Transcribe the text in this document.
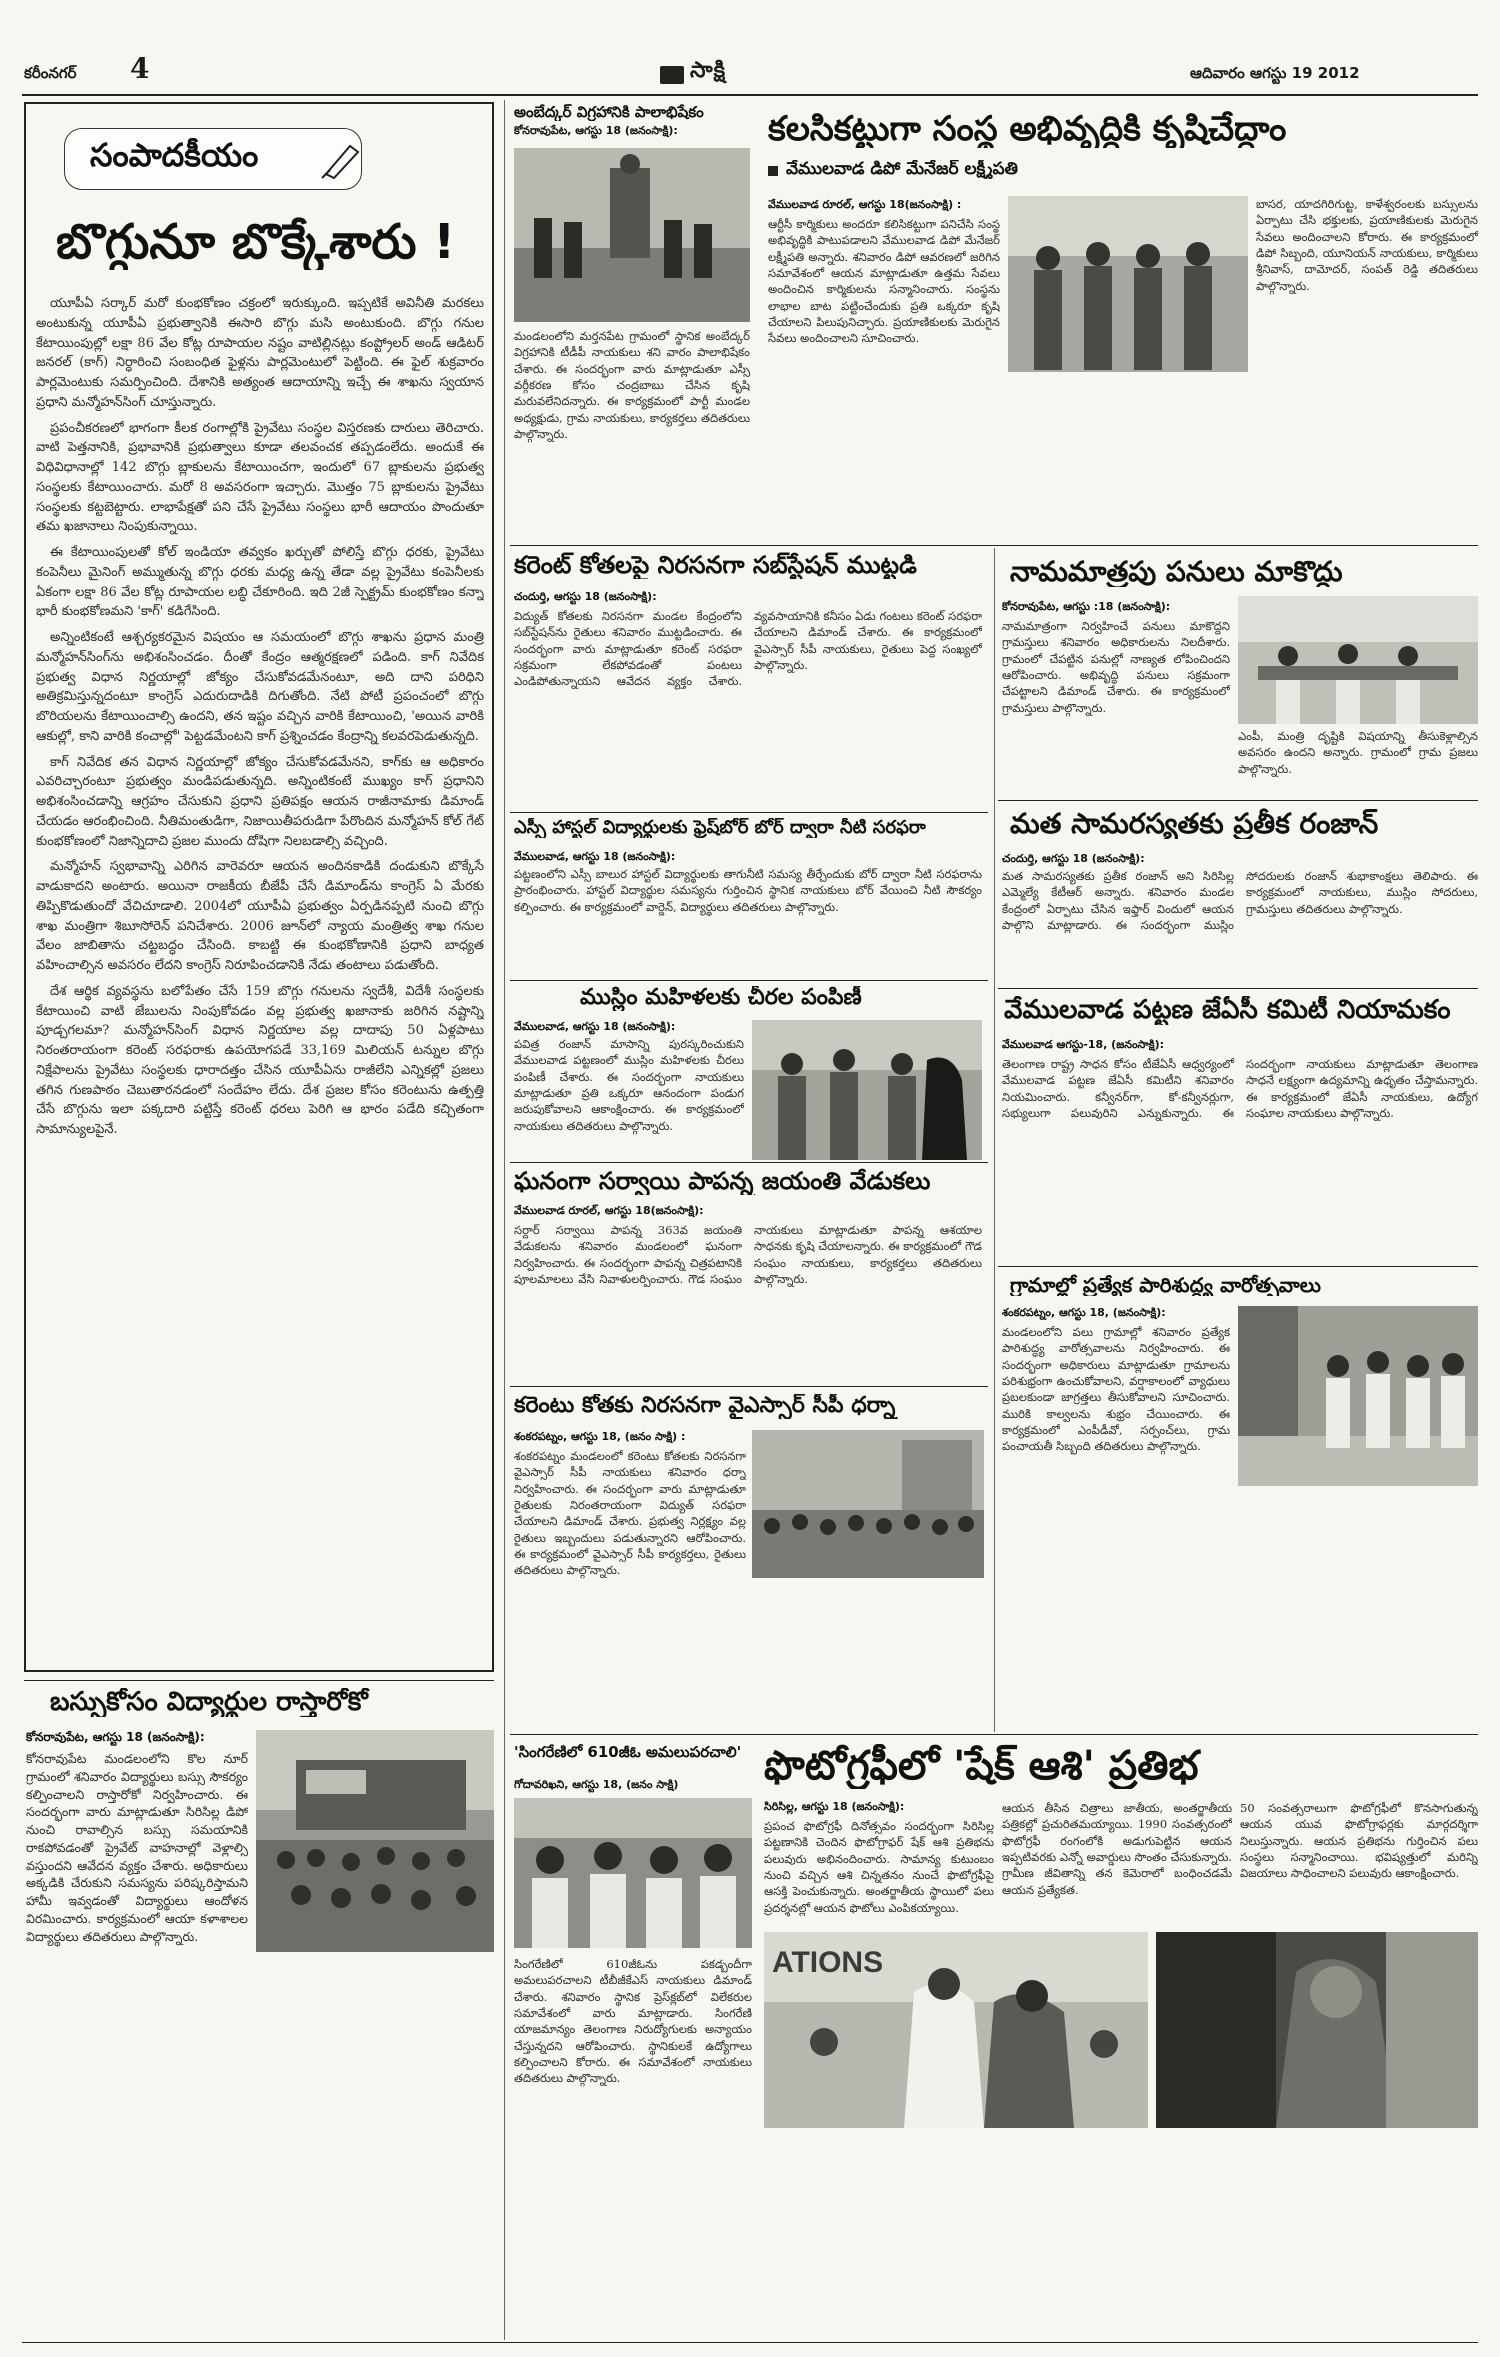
కరీంనగర్ 4	సాక్షి	ఆదివారం ఆగస్టు 19 2012
సంపాదకీయం
బొగ్గునూ బొక్కేశారు !

యూపీఏ సర్కార్ మరో కుంభకోణం చక్రంలో ఇరుక్కుంది. ఇప్పటికే అవినీతి మరకలు అంటుకున్న యూపీఏ ప్రభుత్వానికి ఈసారి బొగ్గు మసి అంటుకుంది. బొగ్గు గనుల కేటాయింపుల్లో లక్షా 86 వేల కోట్ల రూపాయల నష్టం వాటిల్లినట్లు కంప్ట్రోలర్ అండ్ ఆడిటర్ జనరల్ (కాగ్) నిర్ధారించి సంబంధిత ఫైళ్లను పార్లమెంటులో పెట్టింది. ఈ ఫైల్ శుక్రవారం పార్లమెంటుకు సమర్పించింది. దేశానికి అత్యంత ఆదాయాన్ని ఇచ్చే ఈ శాఖను స్వయాన ప్రధాని మన్మోహన్‌సింగ్ చూస్తున్నారు.

ప్రపంచీకరణలో భాగంగా కీలక రంగాల్లోకి ప్రైవేటు సంస్థల విస్తరణకు దారులు తెరిచారు. వాటి పెత్తనానికి, ప్రభావానికి ప్రభుత్వాలు కూడా తలవంచక తప్పడంలేదు. అందుకే ఈ విధివిధానాల్లో 142 బొగ్గు బ్లాకులను కేటాయించగా, ఇందులో 67 బ్లాకులను ప్రభుత్వ సంస్థలకు కేటాయించారు. మరో 8 అవసరంగా ఇచ్చారు. మొత్తం 75 బ్లాకులను ప్రైవేటు సంస్థలకు కట్టబెట్టారు. లాభాపేక్షతో పని చేసే ప్రైవేటు సంస్థలు భారీ ఆదాయం పొందుతూ తమ ఖజానాలు నింపుకున్నాయి.

ఈ కేటాయింపులతో కోల్ ఇండియా తవ్వకం ఖర్చుతో పోలిస్తే బొగ్గు ధరకు, ప్రైవేటు కంపెనీలు మైనింగ్ అమ్ముతున్న బొగ్గు ధరకు మధ్య ఉన్న తేడా వల్ల ప్రైవేటు కంపెనీలకు ఏకంగా లక్షా 86 వేల కోట్ల రూపాయల లబ్ధి చేకూరింది. ఇది 2జీ స్పెక్ట్రమ్ కుంభకోణం కన్నా భారీ కుంభకోణమని 'కాగ్' కడిగేసింది.

అన్నింటికంటే ఆశ్చర్యకరమైన విషయం ఆ సమయంలో బొగ్గు శాఖను ప్రధాన మంత్రి మన్మోహన్‌సింగ్‌ను అభిశంసించడం. దీంతో కేంద్రం ఆత్మరక్షణలో పడింది. కాగ్ నివేదిక ప్రభుత్వ విధాన నిర్ణయాల్లో జోక్యం చేసుకోవడమేనంటూ, అది దాని పరిధిని అతిక్రమిస్తున్నదంటూ కాంగ్రెస్ ఎదురుదాడికి దిగుతోంది. నేటి పోటీ ప్రపంచంలో బొగ్గు బొరియలను కేటాయించాల్సి ఉందని, తన ఇష్టం వచ్చిన వారికి కేటాయించి, 'అయిన వారికి ఆకుల్లో, కాని వారికి కంచాల్లో' పెట్టడమేంటని కాగ్ ప్రశ్నించడం కేంద్రాన్ని కలవరపెడుతున్నది.

కాగ్ నివేదిక తన విధాన నిర్ణయాల్లో జోక్యం చేసుకోవడమేనని, కాగ్‌కు ఆ అధికారం ఎవరిచ్చారంటూ ప్రభుత్వం మండిపడుతున్నది. అన్నింటికంటే ముఖ్యం కాగ్ ప్రధానిని అభిశంసించడాన్ని ఆగ్రహం చేసుకుని ప్రధాని ప్రతిపక్షం ఆయన రాజీనామాకు డిమాండ్ చేయడం ఆరంభించింది. నీతిమంతుడిగా, నిజాయితీపరుడిగా పేరొందిన మన్మోహన్ కోల్ గేట్ కుంభకోణంలో నిజాన్నిదాచి ప్రజల ముందు దోషిగా నిలబడాల్సి వచ్చింది.

మన్మోహన్ స్వభావాన్ని ఎరిగిన వారెవరూ ఆయన అందినకాడికి దండుకుని బొక్కేసే వాడుకాదని అంటారు. అయినా రాజకీయ బీజేపీ చేసే డిమాండ్‌ను కాంగ్రెస్ ఏ మేరకు తిప్పికొడుతుందో వేచిచూడాలి. 2004లో యూపీఏ ప్రభుత్వం ఏర్పడినప్పటి నుంచి బొగ్గు శాఖ మంత్రిగా శిబూసోరెన్ పనిచేశారు. 2006 జూన్‌లో న్యాయ మంత్రిత్వ శాఖ గనుల వేలం జాబితాను చట్టబద్ధం చేసింది. కాబట్టి ఈ కుంభకోణానికి ప్రధాని బాధ్యత వహించాల్సిన అవసరం లేదని కాంగ్రెస్ నిరూపించడానికి నేడు తంటాలు పడుతోంది.

దేశ ఆర్థిక వ్యవస్థను బలోపేతం చేసే 159 బొగ్గు గనులను స్వదేశీ, విదేశీ సంస్థలకు కేటాయించి వాటి జేబులను నింపుకోవడం వల్ల ప్రభుత్వ ఖజానాకు జరిగిన నష్టాన్ని పూడ్చగలమా? మన్మోహన్‌సింగ్ విధాన నిర్ణయాల వల్ల దాదాపు 50 ఏళ్లపాటు నిరంతరాయంగా కరెంట్ సరఫరాకు ఉపయోగపడే 33,169 మిలియన్ టన్నుల బొగ్గు నిక్షేపాలను ప్రైవేటు సంస్థలకు ధారాదత్తం చేసిన యూపీఏను రాజీలేని ఎన్నికల్లో ప్రజలు తగిన గుణపాఠం చెబుతారనడంలో సందేహం లేదు. దేశ ప్రజల కోసం కరెంటును ఉత్పత్తి చేసే బొగ్గును ఇలా పక్కదారి పట్టిస్తే కరెంట్ ధరలు పెరిగి ఆ భారం పడేది కచ్చితంగా సామాన్యులపైనే.

బస్సుకోసం విద్యార్థుల రాస్తారోకో
కోనరావుపేట, ఆగస్టు 18 (జనంసాక్షి):
కోనరావుపేట మండలంలోని కొల నూర్ గ్రామంలో శనివారం విద్యార్థులు బస్సు సౌకర్యం కల్పించాలని రాస్తారోకో నిర్వహించారు. ఈ సందర్భంగా వారు మాట్లాడుతూ సిరిసిల్ల డిపో నుంచి రావాల్సిన బస్సు సమయానికి రాకపోవడంతో ప్రైవేట్ వాహనాల్లో వెళ్లాల్సి వస్తుందని ఆవేదన వ్యక్తం చేశారు. అధికారులు అక్కడికి చేరుకుని సమస్యను పరిష్కరిస్తామని హామీ ఇవ్వడంతో విద్యార్థులు ఆందోళన విరమించారు. కార్యక్రమంలో ఆయా కళాశాలల విద్యార్థులు తదితరులు పాల్గొన్నారు.
అంబేద్కర్ విగ్రహానికి పాలాభిషేకం
కోనరావుపేట, ఆగస్టు 18 (జనంసాక్షి):
మండలంలోని మర్తనపేట గ్రామంలో స్థానిక అంబేద్కర్ విగ్రహానికి టీడీపీ నాయకులు శని వారం పాలాభిషేకం చేశారు. ఈ సందర్భంగా వారు మాట్లాడుతూ ఎస్సీ వర్గీకరణ కోసం చంద్రబాబు చేసిన కృషి మరువలేనిదన్నారు. ఈ కార్యక్రమంలో పార్టీ మండల అధ్యక్షుడు, గ్రామ నాయకులు, కార్యకర్తలు తదితరులు పాల్గొన్నారు.
కలసికట్టుగా సంస్థ అభివృద్ధికి కృషిచేద్దాం
వేములవాడ డిపో మేనేజర్ లక్ష్మీపతి
వేములవాడ రూరల్, ఆగస్టు 18(జనంసాక్షి) :
ఆర్టీసీ కార్మికులు అందరూ కలిసికట్టుగా పనిచేసి సంస్థ అభివృద్ధికి పాటుపడాలని వేములవాడ డిపో మేనేజర్ లక్ష్మీపతి అన్నారు. శనివారం డిపో ఆవరణలో జరిగిన సమావేశంలో ఆయన మాట్లాడుతూ ఉత్తమ సేవలు అందించిన కార్మికులను సన్మానించారు. సంస్థను లాభాల బాట పట్టించేందుకు ప్రతి ఒక్కరూ కృషి చేయాలని పిలుపునిచ్చారు. ప్రయాణికులకు మెరుగైన సేవలు అందించాలని సూచించారు.
బాసర, యాదగిరిగుట్ట, కాళేశ్వరంలకు బస్సులను ఏర్పాటు చేసి భక్తులకు, ప్రయాణికులకు మెరుగైన సేవలు అందించాలని కోరారు. ఈ కార్యక్రమంలో డిపో సిబ్బంది, యూనియన్ నాయకులు, కార్మికులు శ్రీనివాస్, దామోదర్, సంపత్ రెడ్డి తదితరులు పాల్గొన్నారు.
కరెంట్ కోతలపై నిరసనగా సబ్‌స్టేషన్ ముట్టడి
చందుర్తి, ఆగస్టు 18 (జనంసాక్షి):
విద్యుత్ కోతలకు నిరసనగా మండల కేంద్రంలోని సబ్‌స్టేషన్‌ను రైతులు శనివారం ముట్టడించారు. ఈ సందర్భంగా వారు మాట్లాడుతూ కరెంట్ సరఫరా సక్రమంగా లేకపోవడంతో పంటలు ఎండిపోతున్నాయని ఆవేదన వ్యక్తం చేశారు. వ్యవసాయానికి కనీసం ఏడు గంటలు కరెంట్ సరఫరా చేయాలని డిమాండ్ చేశారు. ఈ కార్యక్రమంలో వైఎస్సార్ సీపీ నాయకులు, రైతులు పెద్ద సంఖ్యలో పాల్గొన్నారు.
ఎస్సీ హాస్టల్ విద్యార్థులకు ఫ్రెష్‌బోర్ బోర్ ద్వారా నీటి సరఫరా
వేములవాడ, ఆగస్టు 18 (జనంసాక్షి):
పట్టణంలోని ఎస్సీ బాలుర హాస్టల్ విద్యార్థులకు తాగునీటి సమస్య తీర్చేందుకు బోర్ ద్వారా నీటి సరఫరాను ప్రారంభించారు. హాస్టల్ విద్యార్థుల సమస్యను గుర్తించిన స్థానిక నాయకులు బోర్ వేయించి నీటి సౌకర్యం కల్పించారు. ఈ కార్యక్రమంలో వార్డెన్, విద్యార్థులు తదితరులు పాల్గొన్నారు.
ముస్లిం మహిళలకు చీరల పంపిణీ
వేములవాడ, ఆగస్టు 18 (జనంసాక్షి):
పవిత్ర రంజాన్ మాసాన్ని పురస్కరించుకుని వేములవాడ పట్టణంలో ముస్లిం మహిళలకు చీరలు పంపిణీ చేశారు. ఈ సందర్భంగా నాయకులు మాట్లాడుతూ ప్రతి ఒక్కరూ ఆనందంగా పండుగ జరుపుకోవాలని ఆకాంక్షించారు. ఈ కార్యక్రమంలో నాయకులు తదితరులు పాల్గొన్నారు.
ఘనంగా సర్వాయి పాపన్న జయంతి వేడుకలు
వేములవాడ రూరల్, ఆగస్టు 18(జనంసాక్షి):
సర్దార్ సర్వాయి పాపన్న 363వ జయంతి వేడుకలను శనివారం మండలంలో ఘనంగా నిర్వహించారు. ఈ సందర్భంగా పాపన్న చిత్రపటానికి పూలమాలలు వేసి నివాళులర్పించారు. గౌడ సంఘం నాయకులు మాట్లాడుతూ పాపన్న ఆశయాల సాధనకు కృషి చేయాలన్నారు. ఈ కార్యక్రమంలో గౌడ సంఘం నాయకులు, కార్యకర్తలు తదితరులు పాల్గొన్నారు.
కరెంటు కోతకు నిరసనగా వైఎస్సార్ సీపీ ధర్నా
శంకరపట్నం, ఆగస్టు 18, (జనం సాక్షి) :
శంకరపట్నం మండలంలో కరెంటు కోతలకు నిరసనగా వైఎస్సార్ సీపీ నాయకులు శనివారం ధర్నా నిర్వహించారు. ఈ సందర్భంగా వారు మాట్లాడుతూ రైతులకు నిరంతరాయంగా విద్యుత్ సరఫరా చేయాలని డిమాండ్ చేశారు. ప్రభుత్వ నిర్లక్ష్యం వల్ల రైతులు ఇబ్బందులు పడుతున్నారని ఆరోపించారు. ఈ కార్యక్రమంలో వైఎస్సార్ సీపీ కార్యకర్తలు, రైతులు తదితరులు పాల్గొన్నారు.
'సింగరేణిలో 610జీఓ అమలుపరచాలి'
గోదావరిఖని, ఆగస్టు 18, (జనం సాక్షి)
సింగరేణిలో 610జీఓను పకడ్బందీగా అమలుపరచాలని టీబీజీకేఎస్ నాయకులు డిమాండ్ చేశారు. శనివారం స్థానిక ప్రెస్‌క్లబ్‌లో విలేకరుల సమావేశంలో వారు మాట్లాడారు. సింగరేణి యాజమాన్యం తెలంగాణ నిరుద్యోగులకు అన్యాయం చేస్తున్నదని ఆరోపించారు. స్థానికులకే ఉద్యోగాలు కల్పించాలని కోరారు. ఈ సమావేశంలో నాయకులు తదితరులు పాల్గొన్నారు.
ఫొటోగ్రఫీలో 'షేక్ ఆశి' ప్రతిభ
సిరిసిల్ల, ఆగస్టు 18 (జనంసాక్షి):
ప్రపంచ ఫొటోగ్రఫీ దినోత్సవం సందర్భంగా సిరిసిల్ల పట్టణానికి చెందిన ఫొటోగ్రాఫర్ షేక్ ఆశి ప్రతిభను పలువురు అభినందించారు. సామాన్య కుటుంబం నుంచి వచ్చిన ఆశి చిన్నతనం నుంచే ఫొటోగ్రఫీపై ఆసక్తి పెంచుకున్నారు. అంతర్జాతీయ స్థాయిలో పలు ప్రదర్శనల్లో ఆయన ఫొటోలు ఎంపికయ్యాయి.
ఆయన తీసిన చిత్రాలు జాతీయ, అంతర్జాతీయ పత్రికల్లో ప్రచురితమయ్యాయి. 1990 సంవత్సరంలో ఫొటోగ్రఫీ రంగంలోకి అడుగుపెట్టిన ఆయన ఇప్పటివరకు ఎన్నో అవార్డులు సొంతం చేసుకున్నారు. గ్రామీణ జీవితాన్ని తన కెమెరాలో బంధించడమే ఆయన ప్రత్యేకత.
ATIONS
50 సంవత్సరాలుగా ఫొటోగ్రఫీలో కొనసాగుతున్న ఆయన యువ ఫొటోగ్రాఫర్లకు మార్గదర్శిగా నిలుస్తున్నారు. ఆయన ప్రతిభను గుర్తించిన పలు సంస్థలు సన్మానించాయి. భవిష్యత్తులో మరిన్ని విజయాలు సాధించాలని పలువురు ఆకాంక్షించారు.
నామమాత్రపు పనులు మాకొద్దు
కోనరావుపేట, ఆగస్టు :18 (జనంసాక్షి):
నామమాత్రంగా నిర్వహించే పనులు మాకొద్దని గ్రామస్తులు శనివారం అధికారులను నిలదీశారు. గ్రామంలో చేపట్టిన పనుల్లో నాణ్యత లోపించిందని ఆరోపించారు. అభివృద్ధి పనులు సక్రమంగా చేపట్టాలని డిమాండ్ చేశారు. ఈ కార్యక్రమంలో గ్రామస్తులు పాల్గొన్నారు.
ఎంపీ, మంత్రి దృష్టికి విషయాన్ని తీసుకెళ్లాల్సిన అవసరం ఉందని అన్నారు. గ్రామంలో గ్రామ ప్రజలు పాల్గొన్నారు.
మత సామరస్యతకు ప్రతీక రంజాన్
చందుర్తి, ఆగస్టు 18 (జనంసాక్షి):
మత సామరస్యతకు ప్రతీక రంజాన్ అని సిరిసిల్ల ఎమ్మెల్యే కేటీఆర్ అన్నారు. శనివారం మండల కేంద్రంలో ఏర్పాటు చేసిన ఇఫ్తార్ విందులో ఆయన పాల్గొని మాట్లాడారు. ఈ సందర్భంగా ముస్లిం సోదరులకు రంజాన్ శుభాకాంక్షలు తెలిపారు. ఈ కార్యక్రమంలో నాయకులు, ముస్లిం సోదరులు, గ్రామస్తులు తదితరులు పాల్గొన్నారు.
వేములవాడ పట్టణ జేఏసీ కమిటీ నియామకం
వేములవాడ ఆగస్టు-18, (జనంసాక్షి):
తెలంగాణ రాష్ట్ర సాధన కోసం టీజేఏసీ ఆధ్వర్యంలో వేములవాడ పట్టణ జేఏసీ కమిటీని శనివారం నియమించారు. కన్వీనర్‌గా, కో-కన్వీనర్లుగా, సభ్యులుగా పలువురిని ఎన్నుకున్నారు. ఈ సందర్భంగా నాయకులు మాట్లాడుతూ తెలంగాణ సాధనే లక్ష్యంగా ఉద్యమాన్ని ఉధృతం చేస్తామన్నారు. ఈ కార్యక్రమంలో జేఏసీ నాయకులు, ఉద్యోగ సంఘాల నాయకులు పాల్గొన్నారు.
గ్రామాల్లో ప్రత్యేక పారిశుద్ధ్య వారోత్సవాలు
శంకరపట్నం, ఆగస్టు 18, (జనంసాక్షి):
మండలంలోని పలు గ్రామాల్లో శనివారం ప్రత్యేక పారిశుద్ధ్య వారోత్సవాలను నిర్వహించారు. ఈ సందర్భంగా అధికారులు మాట్లాడుతూ గ్రామాలను పరిశుభ్రంగా ఉంచుకోవాలని, వర్షాకాలంలో వ్యాధులు ప్రబలకుండా జాగ్రత్తలు తీసుకోవాలని సూచించారు. మురికి కాల్వలను శుభ్రం చేయించారు. ఈ కార్యక్రమంలో ఎంపీడీవో, సర్పంచ్‌లు, గ్రామ పంచాయతీ సిబ్బంది తదితరులు పాల్గొన్నారు.
